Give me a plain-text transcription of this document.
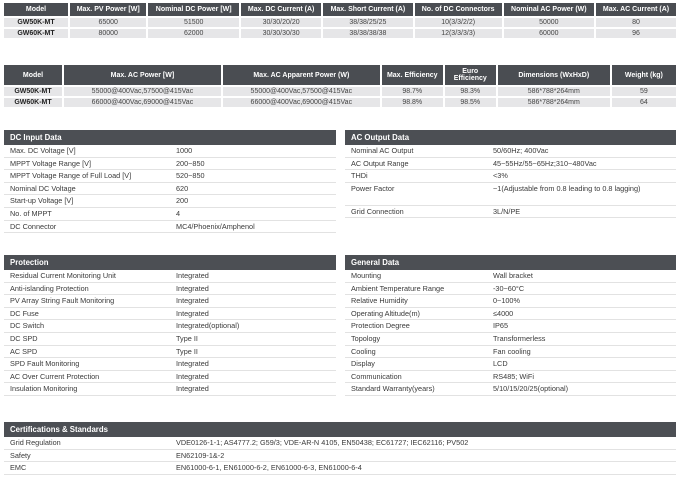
Model	Max. PV Power [W]	Nominal DC Power [W]	Max. DC Current (A)	Max. Short Current (A)	No. of DC Connectors	Nominal AC Power (W)	Max. AC Current (A)
GW50K-MT	65000	51500	30/30/20/20	38/38/25/25	10(3/3/2/2)	50000	80
GW60K-MT	80000	62000	30/30/30/30	38/38/38/38	12(3/3/3/3)	60000	96
Model	Max. AC Power [W]	Max. AC Apparent Power (W)	Max. Efficiency	Euro Efficiency	Dimensions (WxHxD)	Weight (kg)
GW50K-MT	55000@400Vac,57500@415Vac	55000@400Vac,57500@415Vac	98.7%	98.3%	586*788*264mm	59
GW60K-MT	66000@400Vac,69000@415Vac	66000@400Vac,69000@415Vac	98.8%	98.5%	586*788*264mm	64
DC Input Data
Max. DC Voltage [V]	1000
MPPT Voltage Range [V]	200~850
MPPT Voltage Range of Full Load [V]	520~850
Nominal DC Voltage	620
Start-up Voltage [V]	200
No. of MPPT	4
DC Connector	MC4/Phoenix/Amphenol
AC Output Data
Nominal AC Output	50/60Hz; 400Vac
AC Output Range	45~55Hz/55~65Hz;310~480Vac
THDi	<3%
Power Factor	~1(Adjustable from 0.8 leading to 0.8 lagging)
Grid Connection	3L/N/PE
Protection
Residual Current Monitoring Unit	Integrated
Anti-islanding Protection	Integrated
PV Array String Fault Monitoring	Integrated
DC Fuse	Integrated
DC Switch	Integrated(optional)
DC SPD	Type II
AC SPD	Type II
SPD Fault Monitoring	Integrated
AC Over Current Protection	Integrated
Insulation Monitoring	Integrated
General Data
Mounting	Wall bracket
Ambient Temperature Range	-30~60°C
Relative Humidity	0~100%
Operating Altitude(m)	≤4000
Protection Degree	IP65
Topology	Transformerless
Cooling	Fan cooling
Display	LCD
Communication	RS485; WiFi
Standard Warranty(years)	5/10/15/20/25(optional)
Certifications & Standards
Grid Regulation	VDE0126-1-1; AS4777.2; G59/3; VDE-AR-N 4105, EN50438; EC61727; IEC62116; PV502
Safety	EN62109-1&-2
EMC	EN61000-6-1, EN61000-6-2, EN61000-6-3, EN61000-6-4
